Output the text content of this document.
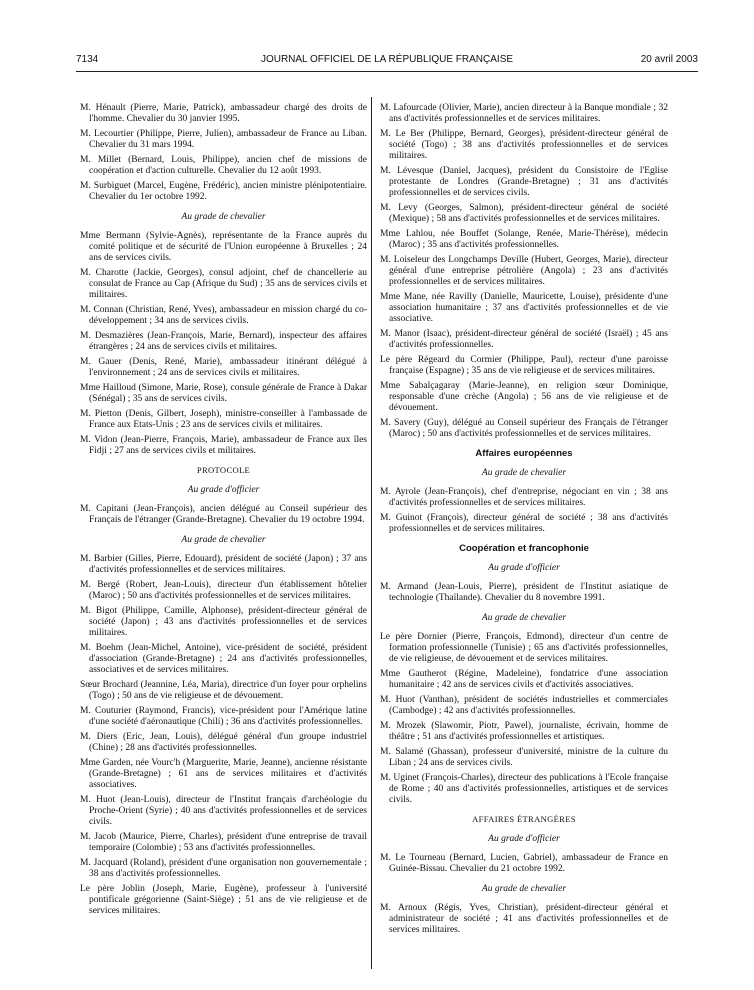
7134	JOURNAL OFFICIEL DE LA RÉPUBLIQUE FRANÇAISE	20 avril 2003
M. Hénault (Pierre, Marie, Patrick), ambassadeur chargé des droits de l'homme. Chevalier du 30 janvier 1995.
M. Lecourtier (Philippe, Pierre, Julien), ambassadeur de France au Liban. Chevalier du 31 mars 1994.
M. Millet (Bernard, Louis, Philippe), ancien chef de missions de coopération et d'action culturelle. Chevalier du 12 août 1993.
M. Surbiguet (Marcel, Eugène, Frédéric), ancien ministre plénipotentiaire. Chevalier du 1er octobre 1992.
Au grade de chevalier
Mme Bermann (Sylvie-Agnès), représentante de la France auprès du comité politique et de sécurité de l'Union européenne à Bruxelles ; 24 ans de services civils.
M. Charotte (Jackie, Georges), consul adjoint, chef de chancellerie au consulat de France au Cap (Afrique du Sud) ; 35 ans de services civils et militaires.
M. Connan (Christian, René, Yves), ambassadeur en mission chargé du co-développement ; 34 ans de services civils.
M. Desmazières (Jean-François, Marie, Bernard), inspecteur des affaires étrangères ; 24 ans de services civils et militaires.
M. Gauer (Denis, René, Marie), ambassadeur itinérant délégué à l'environnement ; 24 ans de services civils et militaires.
Mme Hailloud (Simone, Marie, Rose), consule générale de France à Dakar (Sénégal) ; 35 ans de services civils.
M. Pietton (Denis, Gilbert, Joseph), ministre-conseiller à l'ambassade de France aux Etats-Unis ; 23 ans de services civils et militaires.
M. Vidon (Jean-Pierre, François, Marie), ambassadeur de France aux îles Fidji ; 27 ans de services civils et militaires.
PROTOCOLE
Au grade d'officier
M. Capitani (Jean-François), ancien délégué au Conseil supérieur des Français de l'étranger (Grande-Bretagne). Chevalier du 19 octobre 1994.
Au grade de chevalier
M. Barbier (Gilles, Pierre, Edouard), président de société (Japon) ; 37 ans d'activités professionnelles et de services militaires.
M. Bergé (Robert, Jean-Louis), directeur d'un établissement hôtelier (Maroc) ; 50 ans d'activités professionnelles et de services militaires.
M. Bigot (Philippe, Camille, Alphonse), président-directeur général de société (Japon) ; 43 ans d'activités professionnelles et de services militaires.
M. Boehm (Jean-Michel, Antoine), vice-président de société, président d'association (Grande-Bretagne) ; 24 ans d'activités professionnelles, associatives et de services militaires.
Sœur Brochard (Jeannine, Léa, Maria), directrice d'un foyer pour orphelins (Togo) ; 50 ans de vie religieuse et de dévouement.
M. Couturier (Raymond, Francis), vice-président pour l'Amérique latine d'une société d'aéronautique (Chili) ; 36 ans d'activités professionnelles.
M. Diers (Eric, Jean, Louis), délégué général d'un groupe industriel (Chine) ; 28 ans d'activités professionnelles.
Mme Garden, née Vourc'h (Marguerite, Marie, Jeanne), ancienne résistante (Grande-Bretagne) ; 61 ans de services militaires et d'activités associatives.
M. Huot (Jean-Louis), directeur de l'Institut français d'archéologie du Proche-Orient (Syrie) ; 40 ans d'activités professionnelles et de services civils.
M. Jacob (Maurice, Pierre, Charles), président d'une entreprise de travail temporaire (Colombie) ; 53 ans d'activités professionnelles.
M. Jacquard (Roland), président d'une organisation non gouvernementale ; 38 ans d'activités professionnelles.
Le père Joblin (Joseph, Marie, Eugène), professeur à l'université pontificale grégorienne (Saint-Siège) ; 51 ans de vie religieuse et de services militaires.
M. Lafourcade (Olivier, Marie), ancien directeur à la Banque mondiale ; 32 ans d'activités professionnelles et de services militaires.
M. Le Ber (Philippe, Bernard, Georges), président-directeur général de société (Togo) ; 38 ans d'activités professionnelles et de services militaires.
M. Lévesque (Daniel, Jacques), président du Consistoire de l'Eglise protestante de Londres (Grande-Bretagne) ; 31 ans d'activités professionnelles et de services civils.
M. Levy (Georges, Salmon), président-directeur général de société (Mexique) ; 58 ans d'activités professionnelles et de services militaires.
Mme Lahlou, née Bouffet (Solange, Renée, Marie-Thérèse), médecin (Maroc) ; 35 ans d'activités professionnelles.
M. Loiseleur des Longchamps Deville (Hubert, Georges, Marie), directeur général d'une entreprise pétrolière (Angola) ; 23 ans d'activités professionnelles et de services militaires.
Mme Mane, née Ravilly (Danielle, Mauricette, Louise), présidente d'une association humanitaire ; 37 ans d'activités professionnelles et de vie associative.
M. Manor (Isaac), président-directeur général de société (Israël) ; 45 ans d'activités professionnelles.
Le père Régeard du Cormier (Philippe, Paul), recteur d'une paroisse française (Espagne) ; 35 ans de vie religieuse et de services militaires.
Mme Sabalçagaray (Marie-Jeanne), en religion sœur Dominique, responsable d'une crèche (Angola) ; 56 ans de vie religieuse et de dévouement.
M. Savery (Guy), délégué au Conseil supérieur des Français de l'étranger (Maroc) ; 50 ans d'activités professionnelles et de services militaires.
Affaires européennes
Au grade de chevalier
M. Ayrole (Jean-François), chef d'entreprise, négociant en vin ; 38 ans d'activités professionnelles et de services militaires.
M. Guinot (François), directeur général de société ; 38 ans d'activités professionnelles et de services militaires.
Coopération et francophonie
Au grade d'officier
M. Armand (Jean-Louis, Pierre), président de l'Institut asiatique de technologie (Thaïlande). Chevalier du 8 novembre 1991.
Au grade de chevalier
Le père Dornier (Pierre, François, Edmond), directeur d'un centre de formation professionnelle (Tunisie) ; 65 ans d'activités professionnelles, de vie religieuse, de dévouement et de services militaires.
Mme Gautherot (Régine, Madeleine), fondatrice d'une association humanitaire ; 42 ans de services civils et d'activités associatives.
M. Huot (Vanthan), président de sociétés industrielles et commerciales (Cambodge) ; 42 ans d'activités professionnelles.
M. Mrozek (Slawomir, Piotr, Pawel), journaliste, écrivain, homme de théâtre ; 51 ans d'activités professionnelles et artistiques.
M. Salamé (Ghassan), professeur d'université, ministre de la culture du Liban ; 24 ans de services civils.
M. Uginet (François-Charles), directeur des publications à l'Ecole française de Rome ; 40 ans d'activités professionnelles, artistiques et de services civils.
AFFAIRES ÉTRANGÈRES
Au grade d'officier
M. Le Tourneau (Bernard, Lucien, Gabriel), ambassadeur de France en Guinée-Bissau. Chevalier du 21 octobre 1992.
Au grade de chevalier
M. Arnoux (Régis, Yves, Christian), président-directeur général et administrateur de société ; 41 ans d'activités professionnelles et de services militaires.
